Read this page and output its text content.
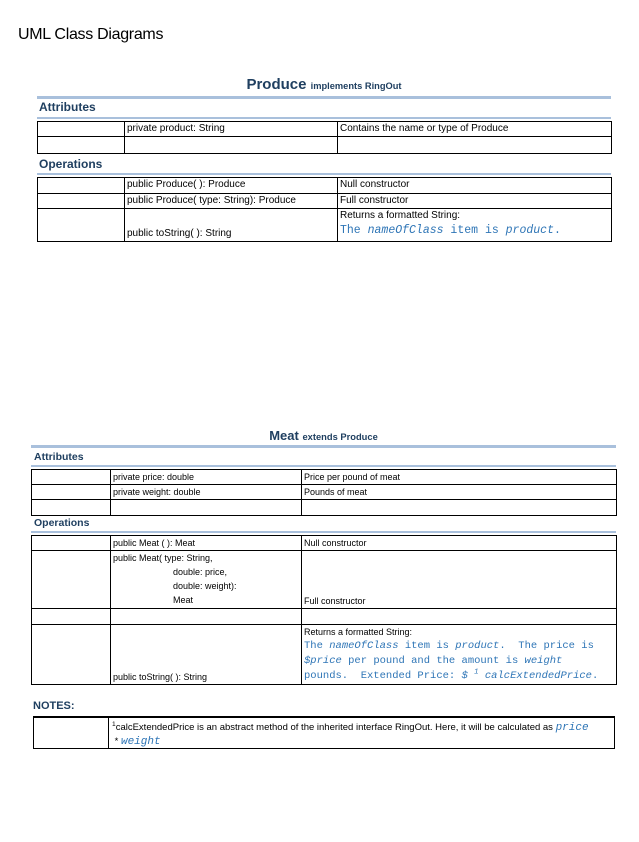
UML Class Diagrams
Produce implements RingOut
Attributes
	private product: String	Contains the name or type of Produce

Operations
	public Produce( ): Produce	Null constructor
	public Produce( type: String): Produce	Full constructor
	public toString( ): String	Returns a formatted String:
The nameOfClass item is product.
Meat extends Produce
Attributes
	private price: double	Price per pound of meat
	private weight: double	Pounds of meat

Operations
	public Meat ( ): Meat	Null constructor

	public Meat( type: String,
double: price,
double: weight):
Meat	Full constructor

	public toString( ): String	Returns a formatted String:
The nameOfClass item is product.  The price is
$price per pound and the amount is weight
pounds.  Extended Price: $ $^1$ calcExtendedPrice.
NOTES:
$^1$calcExtendedPrice is an abstract method of the inherited interface RingOut. Here, it will be calculated as price * weight
